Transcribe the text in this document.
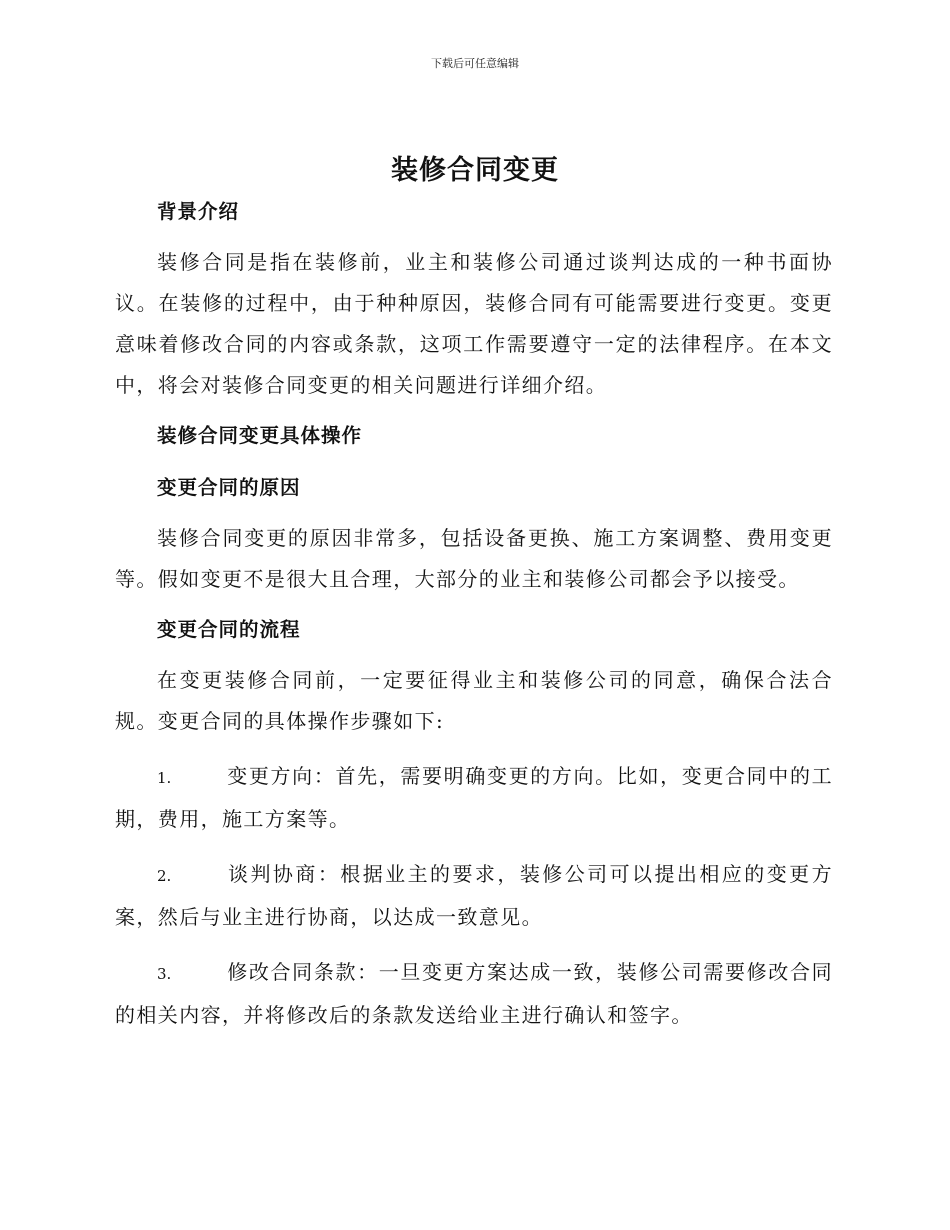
下载后可任意编辑
装修合同变更
背景介绍

装修合同是指在装修前，业主和装修公司通过谈判达成的一种书面协议。在装修的过程中，由于种种原因，装修合同有可能需要进行变更。变更意味着修改合同的内容或条款，这项工作需要遵守一定的法律程序。在本文中，将会对装修合同变更的相关问题进行详细介绍。

装修合同变更具体操作
变更合同的原因

装修合同变更的原因非常多，包括设备更换、施工方案调整、费用变更等。假如变更不是很大且合理，大部分的业主和装修公司都会予以接受。

变更合同的流程

在变更装修合同前，一定要征得业主和装修公司的同意，确保合法合规。变更合同的具体操作步骤如下:

1.	变更方向：首先，需要明确变更的方向。比如，变更合同中的工期，费用，施工方案等。

2.	谈判协商：根据业主的要求，装修公司可以提出相应的变更方案，然后与业主进行协商，以达成一致意见。

3.	修改合同条款：一旦变更方案达成一致，装修公司需要修改合同的相关内容，并将修改后的条款发送给业主进行确认和签字。
